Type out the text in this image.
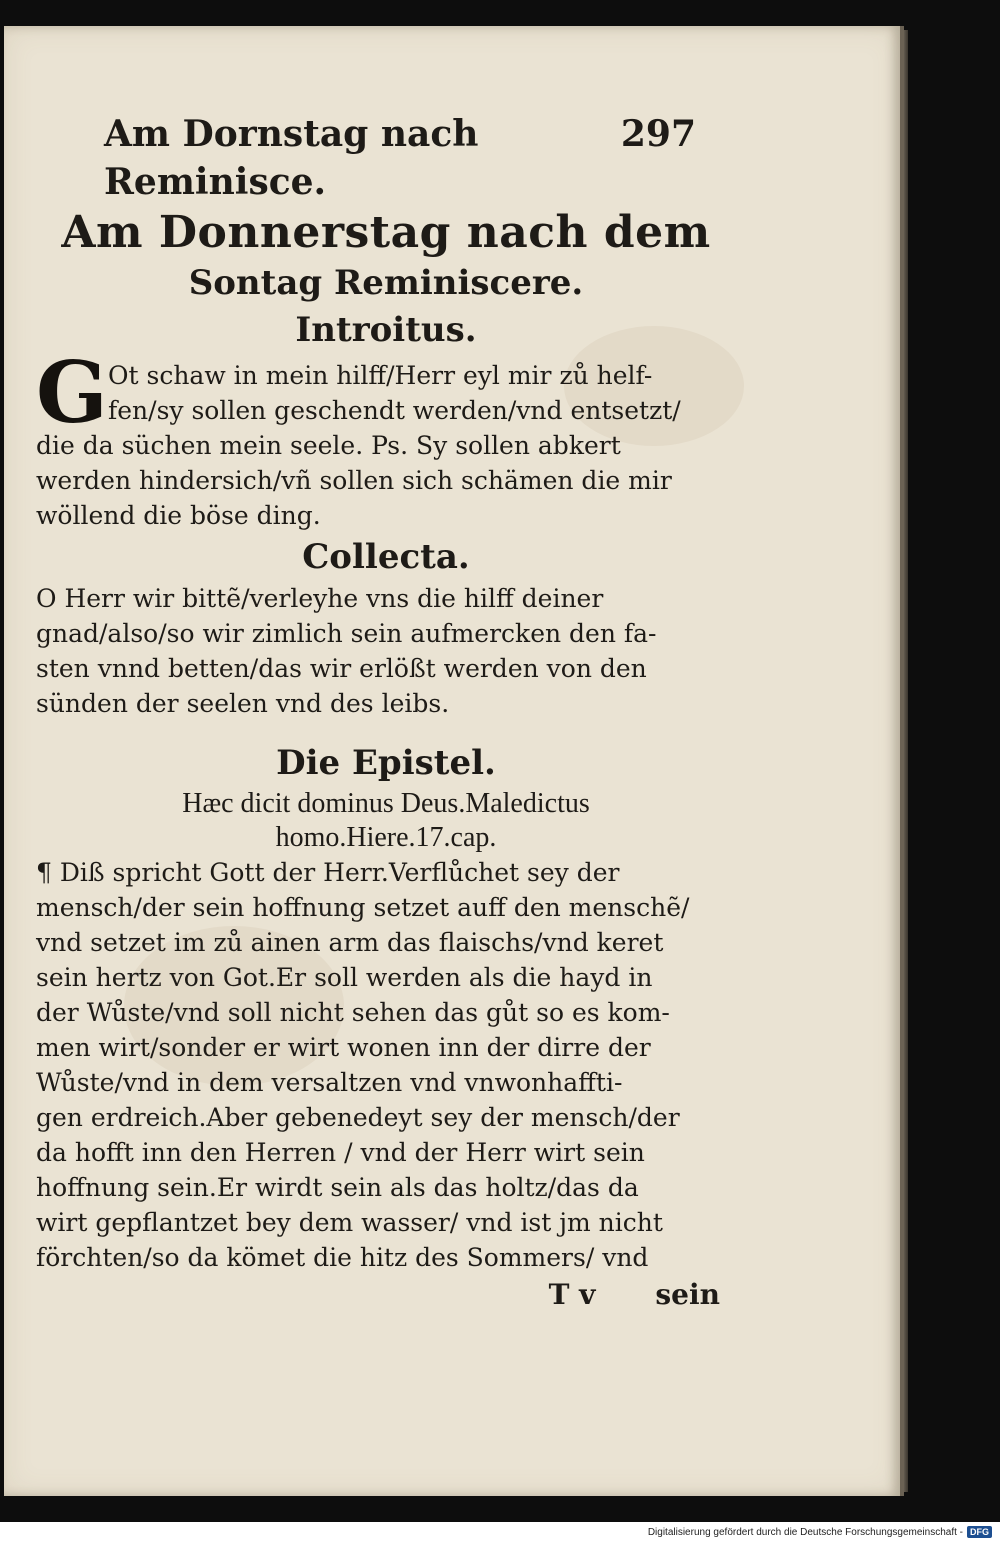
Am Dornstag nach Reminisce.
297
Am Donnerstag nach dem
Sontag Reminiscere.
Introitus.
G Ot schaw in mein hilff/Herr eyl mir zů helf-
fen/sy sollen geschendt werden/vnd entsetzt/
die da süchen mein seele. Ps. Sy sollen abkert
werden hindersich/vñ sollen sich schämen die mir
wöllend die böse ding.

Collecta.

O Herr wir bittẽ/verleyhe vns die hilff deiner
gnad/also/so wir zimlich sein aufmercken den fa-
sten vnnd betten/das wir erlößt werden von den
sünden der seelen vnd des leibs.

Die Epistel.
Hæc dicit dominus Deus.Maledictus
homo.Hiere.17.cap.

¶ Diß spricht Gott der Herr.Verflůchet sey der
mensch/der sein hoffnung setzet auff den menschẽ/
vnd setzet im zů ainen arm das flaischs/vnd keret
sein hertz von Got.Er soll werden als die hayd in
der Wůste/vnd soll nicht sehen das gůt so es kom-
men wirt/sonder er wirt wonen inn der dirre der
Wůste/vnd in dem versaltzen vnd vnwonhaffti-
gen erdreich.Aber gebenedeyt sey der mensch/der
da hofft inn den Herren / vnd der Herr wirt sein
hoffnung sein.Er wirdt sein als das holtz/das da
wirt gepflantzet bey dem wasser/ vnd ist jm nicht
förchten/so da kömet die hitz des Sommers/ vnd

T v sein
Digitalisierung gefördert durch die Deutsche Forschungsgemeinschaft - DFG
